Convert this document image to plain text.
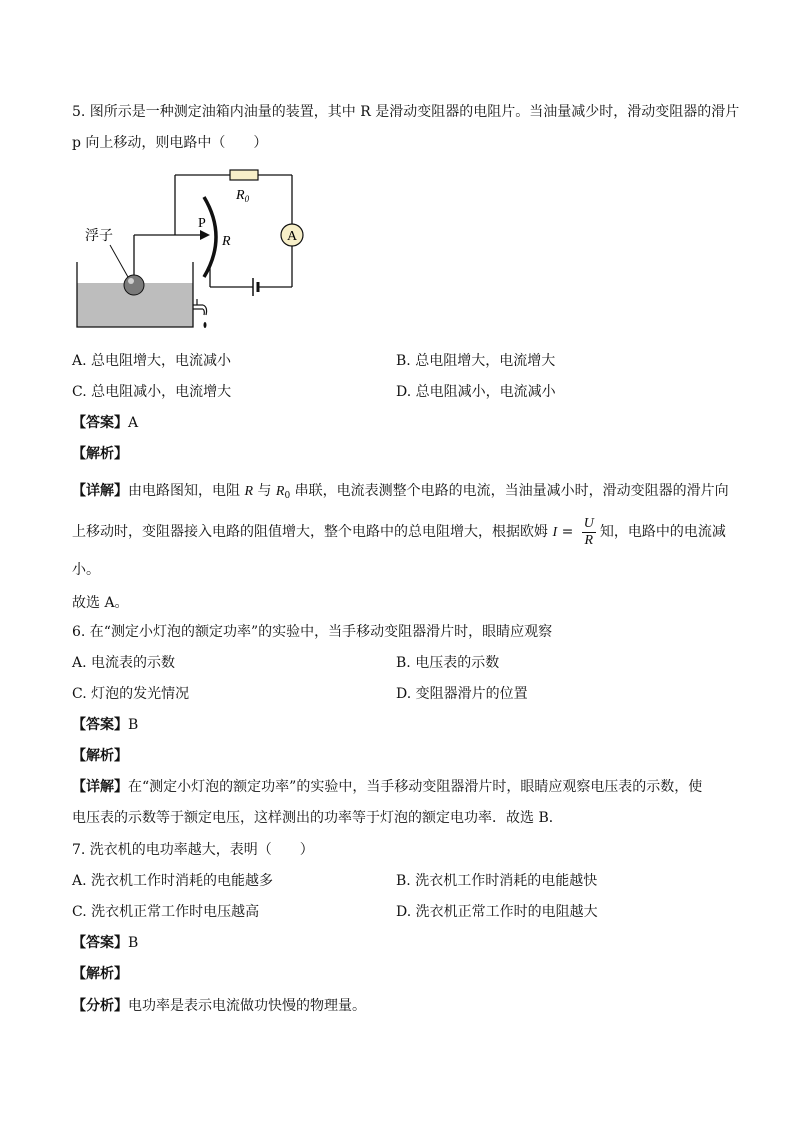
5. 图所示是一种测定油箱内油量的装置，其中 R 是滑动变阻器的电阻片。当油量减少时，滑动变阻器的滑片
p 向上移动，则电路中（　　）
$R_0$
A
P
R
浮子
A. 总电阻增大，电流减小	B. 总电阻增大，电流增大
C. 总电阻减小，电流增大	D. 总电阻减小，电流减小
【答案】A
【解析】
【详解】由电路图知，电阻 R 与 $R_0$ 串联，电流表测整个电路的电流，当油量减小时，滑动变阻器的滑片向
上移动时，变阻器接入电路的阻值增大，整个电路中的总电阻增大，根据欧姆 $I = \frac{U}{R}$ 知，电路中的电流减
小。
故选 A。
6. 在“测定小灯泡的额定功率”的实验中，当手移动变阻器滑片时，眼睛应观察
A. 电流表的示数	B. 电压表的示数
C. 灯泡的发光情况	D. 变阻器滑片的位置
【答案】B
【解析】
【详解】在“测定小灯泡的额定功率”的实验中，当手移动变阻器滑片时，眼睛应观察电压表的示数，使
电压表的示数等于额定电压，这样测出的功率等于灯泡的额定电功率．故选 B．
7. 洗衣机的电功率越大，表明（　　）
A. 洗衣机工作时消耗的电能越多	B. 洗衣机工作时消耗的电能越快
C. 洗衣机正常工作时电压越高	D. 洗衣机正常工作时的电阻越大
【答案】B
【解析】
【分析】电功率是表示电流做功快慢的物理量。
